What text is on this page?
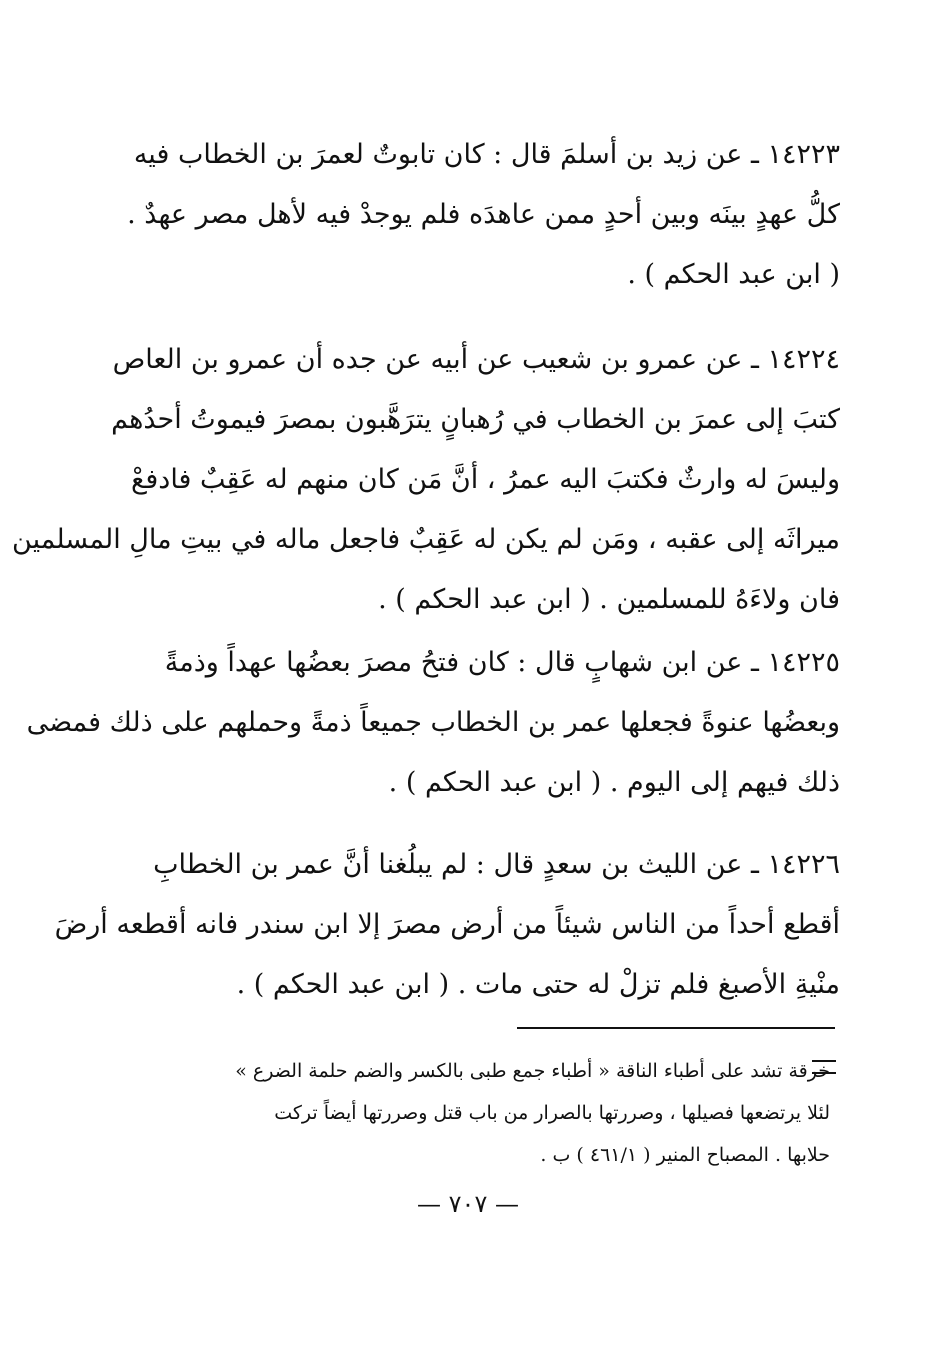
١٤٢٢٣ ـ عن زيد بن أسلمَ قال : كان تابوتٌ لعمرَ بن الخطاب فيه
كلُّ عهدٍ بينَه وبين أحدٍ ممن عاهدَه فلم يوجدْ فيه لأهل مصر عهدٌ .
( ابن عبد الحكم ) .
١٤٢٢٤ ـ عن عمرو بن شعيب عن أبيه عن جده أن عمرو بن العاص
كتبَ إلى عمرَ بن الخطاب في رُهبانٍ يترَهَّبون بمصرَ فيموتُ أحدُهم
وليسَ له وارثٌ فكتبَ اليه عمرُ ، أنَّ مَن كان منهم له عَقِبٌ فادفعْ
ميراثَه إلى عقبه ، ومَن لم يكن له عَقِبٌ فاجعل ماله في بيتِ مالِ المسلمين
فان ولاءَهُ للمسلمين . ( ابن عبد الحكم ) .
١٤٢٢٥ ـ عن ابن شهابٍ قال : كان فتحُ مصرَ بعضُها عهداً وذمةً
وبعضُها عنوةً فجعلها عمر بن الخطاب جميعاً ذمةً وحملهم على ذلك فمضى
ذلك فيهم إلى اليوم . ( ابن عبد الحكم ) .
١٤٢٢٦ ـ عن الليث بن سعدٍ قال : لم يبلُغنا أنَّ عمر بن الخطابِ
أقطع أحداً من الناس شيئاً من أرض مصرَ إلا ابن سندر فانه أقطعه أرضَ
منْيةِ الأصبغ فلم تزلْ له حتى مات . ( ابن عبد الحكم ) .
خرقة تشد على أطباء الناقة « أطباء جمع طبى بالكسر والضم حلمة الضرع »
لئلا يرتضعها فصيلها ، وصررتها بالصرار من باب قتل وصررتها أيضاً تركت
حلابها . المصباح المنير ( ٤٦١/١ ) ب .
— ٧٠٧ —
